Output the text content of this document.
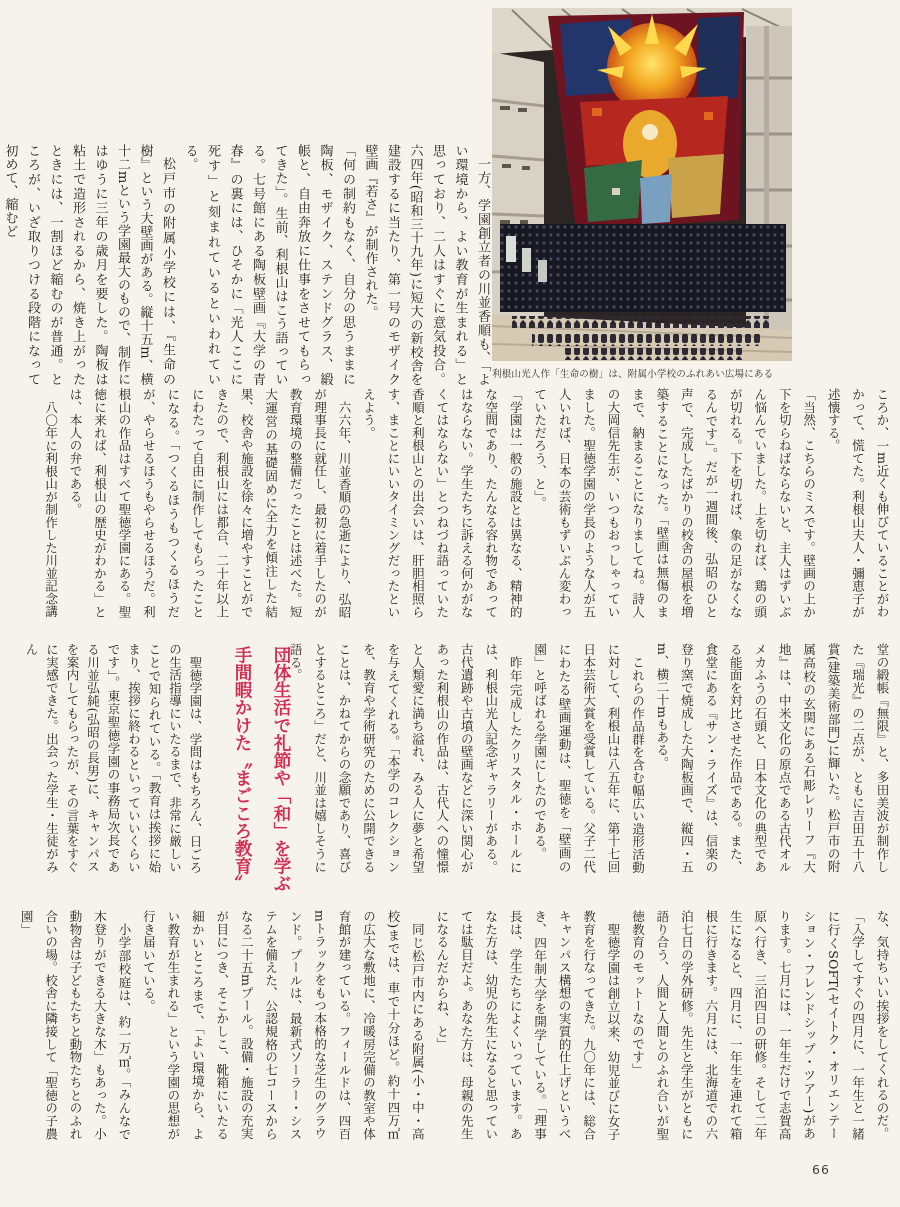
一方、学園創立者の川並香順も、「よい環境から、よい教育が生まれる」と思っており、二人はすぐに意気投合。六四年(昭和三十九年)に短大の新校舎を建設するに当たり、第一号のモザイク壁画『若さ』が制作された。

「何の制約もなく、自分の思うままに陶板、モザイク、ステンドグラス、緞帳と、自由奔放に仕事をさせてもらってきた」。生前、利根山はこう語っている。七号館にある陶板壁画『大学の青春』の裏には、ひそかに「光人ここに死す」と刻まれているといわれている。

松戸市の附属小学校には、『生命の樹』という大壁画がある。縦十五m、横十二mという学園最大のもので、制作にはゆうに三年の歳月を要した。陶板は粘土で造形されるから、焼き上がったときには、一割ほど縮むのが普通。ところが、いざ取りつける段階になって初めて、縮むど

利根山光人作「生命の樹」は、附属小学校のふれあい広場にある

ころか、一m近くも伸びていることがわかって、慌てた。利根山夫人・彌恵子が述懐する。

「当然、こちらのミスです。壁画の上か下を切らねばならないと、主人はずいぶん悩んでいました。上を切れば、鶏の頭が切れる。下を切れば、象の足がなくなるんです」。だが一週間後、弘昭のひと声で、完成したばかりの校舎の屋根を増築することになった。「壁画は無傷のままで、納まることになりましてね。詩人の大岡信先生が、いつもおっしゃっていました。聖徳学園の学長のような人が五人いれば、日本の芸術もずいぶん変わっていただろう、と」。

「学園は一般の施設とは異なる、精神的な空間であり、たんなる容れ物であってはならない。学生たちに訴える何かがなくてはならない」とつねづね語っていた香順と利根山との出会いは、肝胆相照らす、まことにいいタイミングだったといえよう。

六六年、川並香順の急逝により、弘昭が理事長に就任し、最初に着手したのが教育環境の整備だったことは述べた。短大運営の基礎固めに全力を傾注した結果、校舎や施設を徐々に増やすことができたので、利根山には都合、二十年以上にわたって自由に制作してもらったことになる。「つくるほうもつくるほうだが、やらせるほうもやらせるほうだ。利根山の作品はすべて聖徳学園にある。聖徳に来れば、利根山の歴史がわかる」とは、本人の弁である。

八〇年に利根山が制作した川並記念講

堂の緞帳『無限』と、多田美波が制作した『瑞光』の二点が、ともに吉田五十八賞(建築美術部門)に輝いた。松戸市の附属高校の玄関にある石彫レリーフ『大地』は、中米文化の原点である古代オルメカふうの石頭と、日本文化の典型である能面を対比させた作品である。また、食堂にある『サン・ライズ』は、信楽の登り窯で焼成した大陶板画で、縦四・五m、横二十mもある。

これらの作品群を含む幅広い造形活動に対して、利根山は八五年に、第十七回日本芸術大賞を受賞している。父子二代にわたる壁画運動は、聖徳を「壁画の園」と呼ばれる学園にしたのである。

昨年完成したクリスタル・ホールには、利根山光人記念ギャラリーがある。古代遺跡や古墳の壁画などに深い関心があった利根山の作品は、古代人への憧憬と人類愛に満ち溢れ、みる人に夢と希望を与えてくれる。「本学のコレクションを、教育や学術研究のために公開できることは、かねてからの念願であり、喜びとするところ」だと、川並は嬉しそうに語る。

団体生活で礼節や「和」を学ぶ
手間暇かけた〝まごころ教育〟

聖徳学園は、学問はもちろん、日ごろの生活指導にいたるまで、非常に厳しいことで知られている。「教育は挨拶に始まり、挨拶に終わるといっていいくらいです」。東京聖徳学園の事務局次長である川並弘純(弘昭の長男)に、キャンパスを案内してもらったが、その言葉をすぐに実感できた。出会った学生・生徒がみん

な、気持ちいい挨拶をしてくれるのだ。

「入学してすぐの四月に、一年生と一緒に行くSOFT(セイトク・オリエンテーション・フレンドシップ・ツアー)があります。七月には、一年生だけで志賀高原へ行き、三泊四日の研修。そして二年生になると、四月に、一年生を連れて箱根に行きます。六月には、北海道での六泊七日の学外研修。先生と学生がともに語り合う、人間と人間とのふれ合いが聖徳教育のモットーなのです」

聖徳学園は創立以来、幼児並びに女子教育を行なってきた。九〇年には、総合キャンパス構想の実質的仕上げというべき、四年制大学を開学している。「理事長は、学生たちによくいっています。あなた方は、幼児の先生になると思っていては駄目だよ。あなた方は、母親の先生になるんだからね、と」

同じ松戸市内にある附属(小・中・高校)までは、車で十分ほど。約十四万㎡の広大な敷地に、冷暖房完備の教室や体育館が建っている。フィールドは、四百mトラックをもつ本格的な芝生のグラウンド。プールは、最新式ソーラー・システムを備えた、公認規格の七コースからなる二十五mプール。設備・施設の充実が目につき、そこかしこ、靴箱にいたる細かいところまで、「よい環境から、よい教育が生まれる」という学園の思想が行き届いている。

小学部校庭は、約一万㎡。「みんなで木登りができる大きな木」もあった。小動物舎は子どもたちと動物たちとのふれ合いの場。校舎に隣接して「聖徳の子農園」

66
